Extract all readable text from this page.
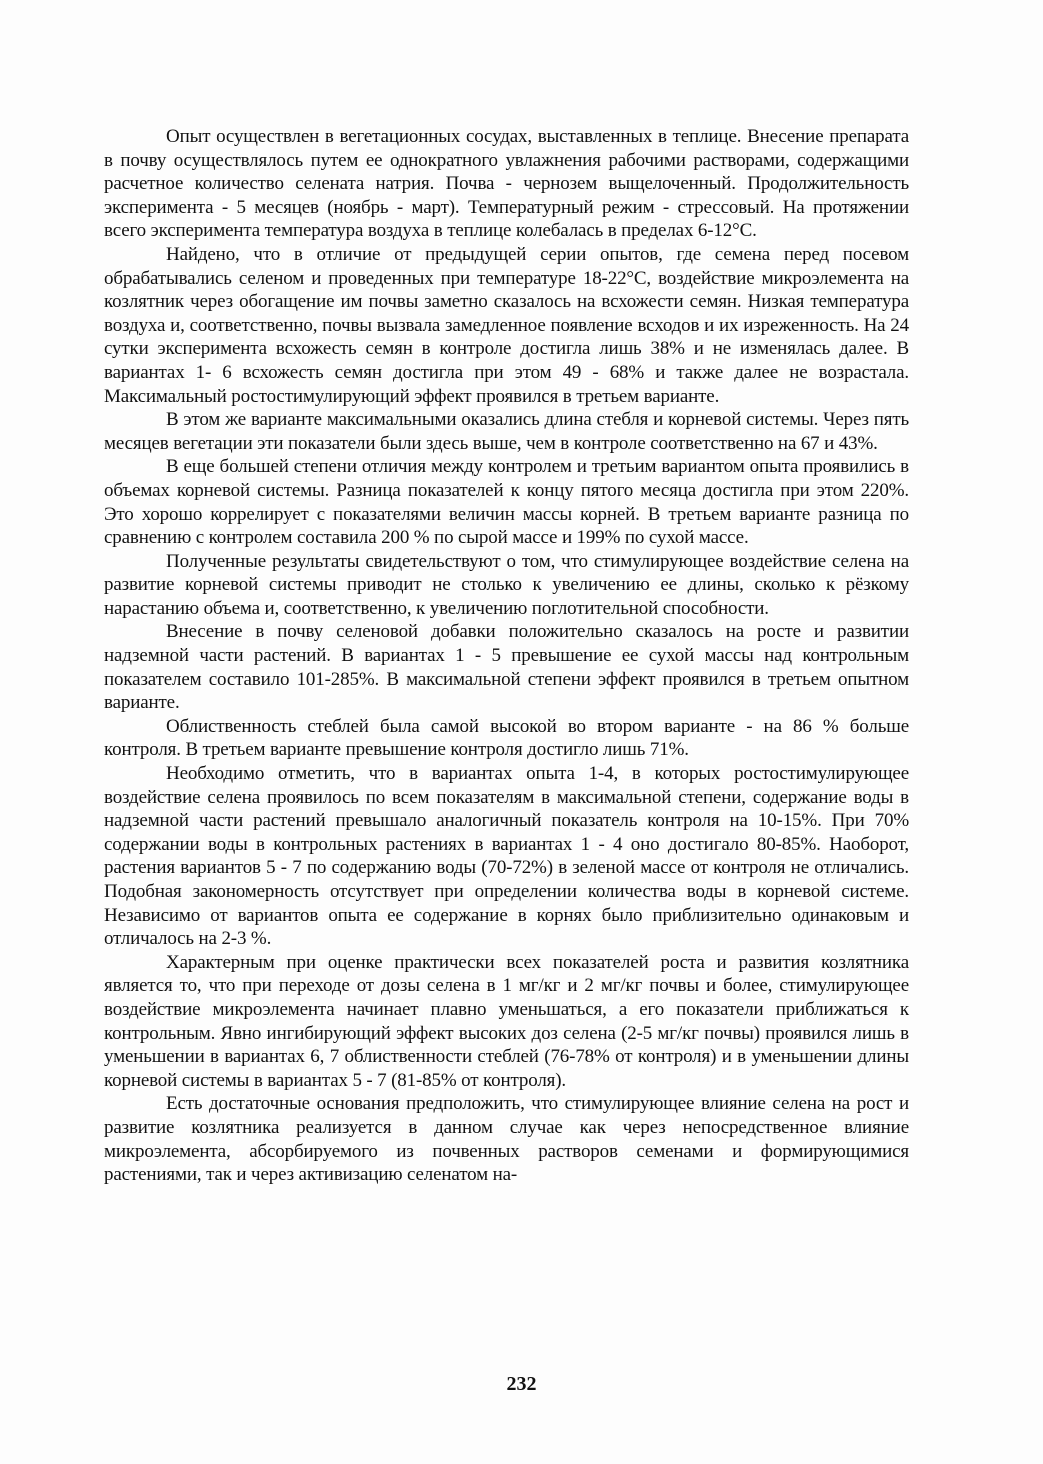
Опыт осуществлен в вегетационных сосудах, выставленных в теплице. Внесение препарата в почву осуществлялось путем ее однократного увлажнения рабочими растворами, содержащими расчетное количество селената натрия. Почва - чернозем выщелоченный. Продолжительность эксперимента - 5 месяцев (ноябрь - март). Температурный режим - стрессовый. На протяжении всего эксперимента температура воздуха в теплице колебалась в пределах 6-12°С.

Найдено, что в отличие от предыдущей серии опытов, где семена перед посевом обрабатывались селеном и проведенных при температуре 18-22°С, воздействие микроэлемента на козлятник через обогащение им почвы заметно сказалось на всхожести семян. Низкая температура воздуха и, соответственно, почвы вызвала замедленное появление всходов и их изреженность. На 24 сутки эксперимента всхожесть семян в контроле достигла лишь 38% и не изменялась далее. В вариантах 1- 6 всхожесть семян достигла при этом 49 - 68% и также далее не возрастала. Максимальный ростостимулирующий эффект проявился в третьем варианте.

В этом же варианте максимальными оказались длина стебля и корневой системы. Через пять месяцев вегетации эти показатели были здесь выше, чем в контроле соответственно на 67 и 43%.

В еще большей степени отличия между контролем и третьим вариантом опыта проявились в объемах корневой системы. Разница показателей к концу пятого месяца достигла при этом 220%. Это хорошо коррелирует с показателями величин массы корней. В третьем варианте разница по сравнению с контролем составила 200 % по сырой массе и 199% по сухой массе.

Полученные результаты свидетельствуют о том, что стимулирующее воздействие селена на развитие корневой системы приводит не столько к увеличению ее длины, сколько к рёзкому нарастанию объема и, соответственно, к увеличению поглотительной способности.

Внесение в почву селеновой добавки положительно сказалось на росте и развитии надземной части растений. В вариантах 1 - 5 превышение ее сухой массы над контрольным показателем составило 101-285%. В максимальной степени эффект проявился в третьем опытном варианте.

Облиственность стеблей была самой высокой во втором варианте - на 86 % больше контроля. В третьем варианте превышение контроля достигло лишь 71%.

Необходимо отметить, что в вариантах опыта 1-4, в которых ростостимулирующее воздействие селена проявилось по всем показателям в максимальной степени, содержание воды в надземной части растений превышало аналогичный показатель контроля на 10-15%. При 70% содержании воды в контрольных растениях в вариантах 1 - 4 оно достигало 80-85%. Наоборот, растения вариантов 5 - 7 по содержанию воды (70-72%) в зеленой массе от контроля не отличались. Подобная закономерность отсутствует при определении количества воды в корневой системе. Независимо от вариантов опыта ее содержание в корнях было приблизительно одинаковым и отличалось на 2-3 %.

Характерным при оценке практически всех показателей роста и развития козлятника является то, что при переходе от дозы селена в 1 мг/кг и 2 мг/кг почвы и более, стимулирующее воздействие микроэлемента начинает плавно уменьшаться, а его показатели приближаться к контрольным. Явно ингибирующий эффект высоких доз селена (2-5 мг/кг почвы) проявился лишь в уменьшении в вариантах 6, 7 облиственности стеблей (76-78% от контроля) и в уменьшении длины корневой системы в вариантах 5 - 7 (81-85% от контроля).

Есть достаточные основания предположить, что стимулирующее влияние селена на рост и развитие козлятника реализуется в данном случае как через непосредственное влияние микроэлемента, абсорбируемого из почвенных растворов семенами и формирующимися растениями, так и через активизацию селенатом на-

232
